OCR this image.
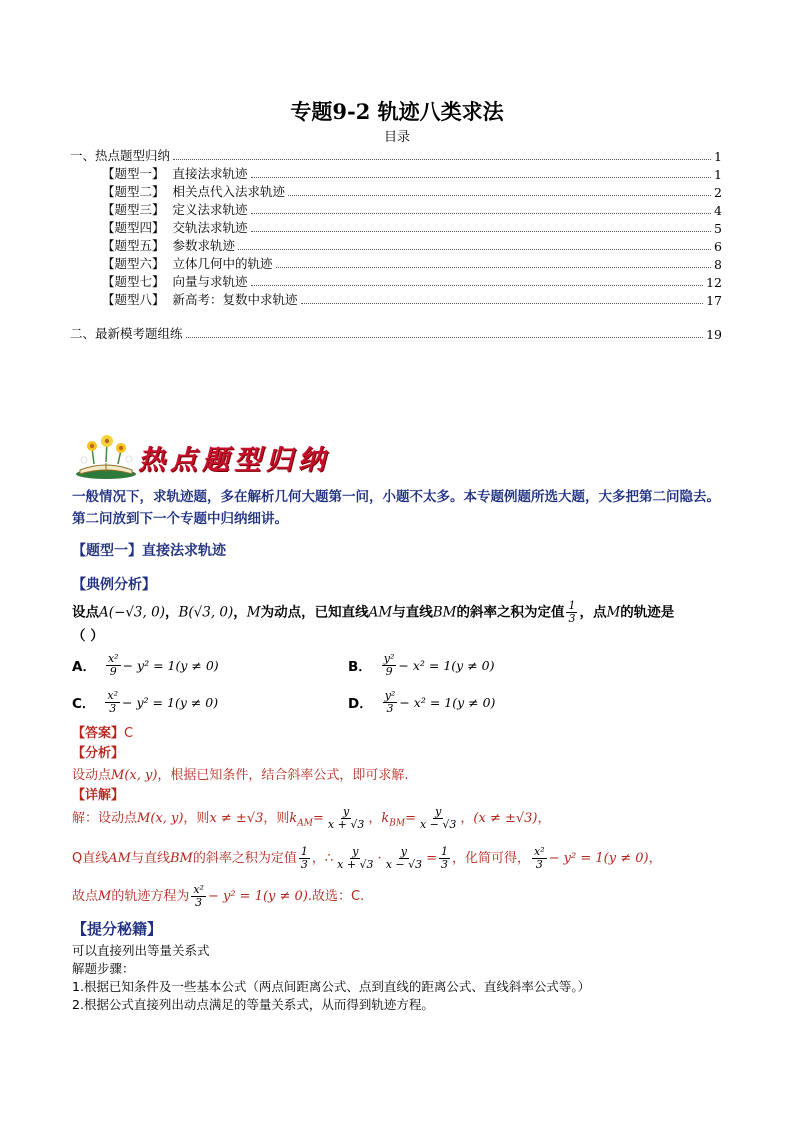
专题9-2 轨迹八类求法
目录
一、热点题型归纳	1
【题型一】 直接法求轨迹	1
【题型二】 相关点代入法求轨迹	2
【题型三】 定义法求轨迹	4
【题型四】 交轨法求轨迹	5
【题型五】 参数求轨迹	6
【题型六】 立体几何中的轨迹	8
【题型七】 向量与求轨迹	12
【题型八】 新高考：复数中求轨迹	17
二、最新模考题组练	19
热点题型归纳
一般情况下，求轨迹题，多在解析几何大题第一问，小题不太多。本专题例题所选大题，大多把第二问隐去。第二问放到下一个专题中归纳细讲。
【题型一】直接法求轨迹
【典例分析】
设点A(−√3, 0)，B(√3, 0)，M为动点，已知直线AM与直线BM的斜率之积为定值 $\frac{1}{3}$ ，点M的轨迹是
（ ）
A． $\frac{\text{x²}}{9} - y^2 = 1(y \ne 0)$	B． $\frac{\text{y²}}{9} - x^2 = 1(y \ne 0)$
C． $\frac{\text{x²}}{3} - y^2 = 1(y \ne 0)$	D． $\frac{\text{y²}}{3} - x^2 = 1(y \ne 0)$
【答案】C
【分析】
设动点M(x, y)，根据已知条件，结合斜率公式，即可求解.
【详解】
解：设动点M(x, y)，则x ≠ ±√3，则$k_{AM}= \frac{y}{x + √3}$ ，$k_{BM}= \frac{y}{x - √3}$ ，(x ≠ ±√3)，
Q直线AM与直线BM的斜率之积为定值 $\frac{1}{3}$ ，∴ $\frac{y}{x + √3} \cdot \frac{y}{x - √3} = \frac{1}{3}$ ，化简可得， $\frac{\text{x²}}{3} - y^2 = 1(y \ne 0)$，
故点M的轨迹方程为 $\frac{\text{x²}}{3} - y^2 = 1(y \ne 0)$.故选：C.
【提分秘籍】
可以直接列出等量关系式
解题步骤：
1.根据已知条件及一些基本公式（两点间距离公式、点到直线的距离公式、直线斜率公式等。）
2.根据公式直接列出动点满足的等量关系式，从而得到轨迹方程。
